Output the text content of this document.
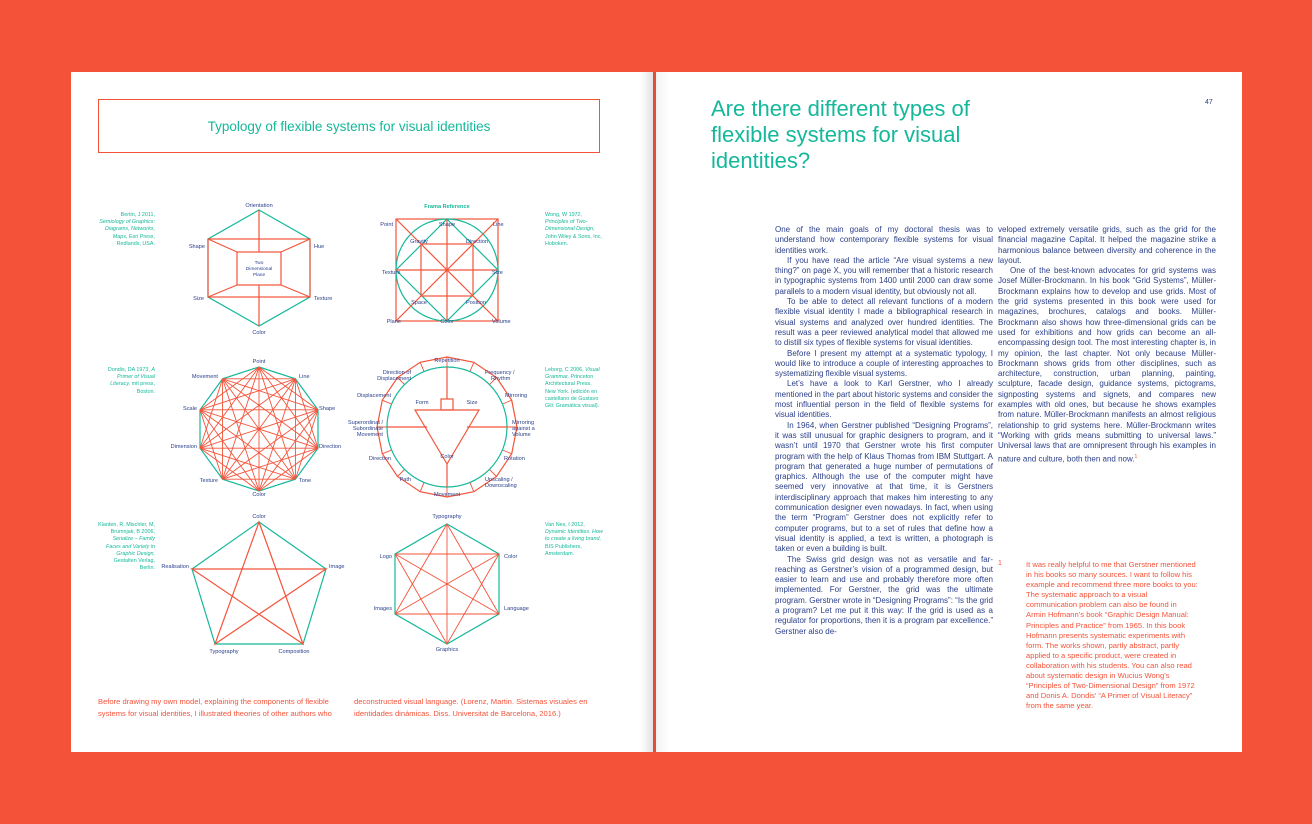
Typology of flexible systems for visual identities
Orientation
Shape	Hue
Size	Texture
Color
Two
Dimensional
Plane
Frama Reference
Point	Shape	Line
Gravity	Direction
Texture	Size
Space	Position
Plane	Color	Volume
Point
Line
Movement
Shape
Scale
Direction
Dimension
Tone
Texture
Color
Repetition
Direction of
Displacement
Frequency /
Rhythm
Displacement	Mirroring
Form	Size
Superordinat /
Subordinate
Movement
Mirroring
against a
Volume
Direction	Color	Rotation
Path	Upscaling /
Downscaling
Movement
Color
Realisation	Image
Typography	Composition
Typography
Logo	Color
Images	Language
Graphics
Bertin, J 2011, Semiology of Graphics: Diagrams, Networks, Maps, Esri Press, Redlands, USA.
Wong, W 1972, Principles of Two-Dimensional Design, John Wiley & Sons, Inc, Hoboken.
Dondis, DA 1973, A Primer of Visual Literacy, mit press, Boston.
Leborg, C 2006, Visual Grammar, Princeton Architectural Press, New York. (edición en castellano de Gustavo Gili: Gramática visual).
Klanten, R, Mischler, M, Brumnjak, B 2006, Serialize – Family Faces and Variety in Graphic Design, Gestalten Verlag, Berlin.
Van Nes, I 2012, Dynamic Identities. How to create a living brand, BIS Publishers, Amsterdam.
Before drawing my own model, explaining the components of flexible systems for visual identities, I illustrated theories of other authors who
deconstructed visual language. (Lorenz, Martin. Sistemas visuales en identidades dinámicas. Diss. Universitat de Barcelona, 2016.)
Are there different types of flexible systems for visual identities?
47

One of the main goals of my doctoral thesis was to understand how contemporary flexible systems for visual identities work.

If you have read the article “Are visual systems a new thing?” on page X, you will remember that a historic research in typographic systems from 1400 until 2000 can draw some parallels to a modern visual identity, but obviously not all.

To be able to detect all relevant functions of a modern flexible visual identity I made a bibliographical research in visual systems and analyzed over hundred identities. The result was a peer reviewed analytical model that allowed me to distill six types of flexible systems for visual identities.

Before I present my attempt at a systematic typology, I would like to introduce a couple of interesting approaches to systematizing flexible visual systems.

Let’s have a look to Karl Gerstner, who I already mentioned in the part about historic systems and consider the most influential person in the field of flexible systems for visual identities.

In 1964, when Gerstner published “Designing Programs”, it was still unusual for graphic designers to program, and it wasn’t until 1970 that Gerstner wrote his first computer program with the help of Klaus Thomas from IBM Stuttgart. A program that generated a huge number of permutations of graphics. Although the use of the computer might have seemed very innovative at that time, it is Gerstners interdisciplinary approach that makes him interesting to any communication designer even nowadays. In fact, when using the term “Program” Gerstner does not explicitly refer to computer programs, but to a set of rules that define how a visual identity is applied, a text is written, a photograph is taken or even a building is built.

The Swiss grid design was not as versatile and far-reaching as Gerstner’s vision of a programmed design, but easier to learn and use and probably therefore more often implemented. For Gerstner, the grid was the ultimate program. Gerstner wrote in “Designing Programs”: “Is the grid a program? Let me put it this way: If the grid is used as a regulator for proportions, then it is a program par excellence.” Gerstner also de-

veloped extremely versatile grids, such as the grid for the financial magazine Capital. It helped the magazine strike a harmonious balance between diversity and coherence in the layout.

One of the best-known advocates for grid systems was Josef Müller-Brockmann. In his book “Grid Systems”, Müller-Brockmann explains how to develop and use grids. Most of the grid systems presented in this book were used for magazines, brochures, catalogs and books. Müller-Brockmann also shows how three-dimensional grids can be used for exhibitions and how grids can become an all-encompassing design tool. The most interesting chapter is, in my opinion, the last chapter. Not only because Müller-Brockmann shows grids from other disciplines, such as architecture, construction, urban planning, painting, sculpture, facade design, guidance systems, pictograms, signposting systems and signets, and compares new examples with old ones, but because he shows examples from nature. Müller-Brockmann manifests an almost religious relationship to grid systems here. Müller-Brockmann writes “Working with grids means submitting to universal laws.” Universal laws that are omnipresent through his examples in nature and culture, both then and now.$^1$

1	It was really helpful to me that Gerstner mentioned in his books so many sources. I want to follow his example and recommend three more books to you: The systematic approach to a visual communication problem can also be found in Armin Hofmann’s book “Graphic Design Manual: Principles and Practice” from 1965. In this book Hofmann presents systematic experiments with form. The works shown, partly abstract, partly applied to a specific product, were created in collaboration with his students. You can also read about systematic design in Wucius Wong’s “Principles of Two-Dimensional Design” from 1972 and Donis A. Dondis’ “A Primer of Visual Literacy” from the same year.
